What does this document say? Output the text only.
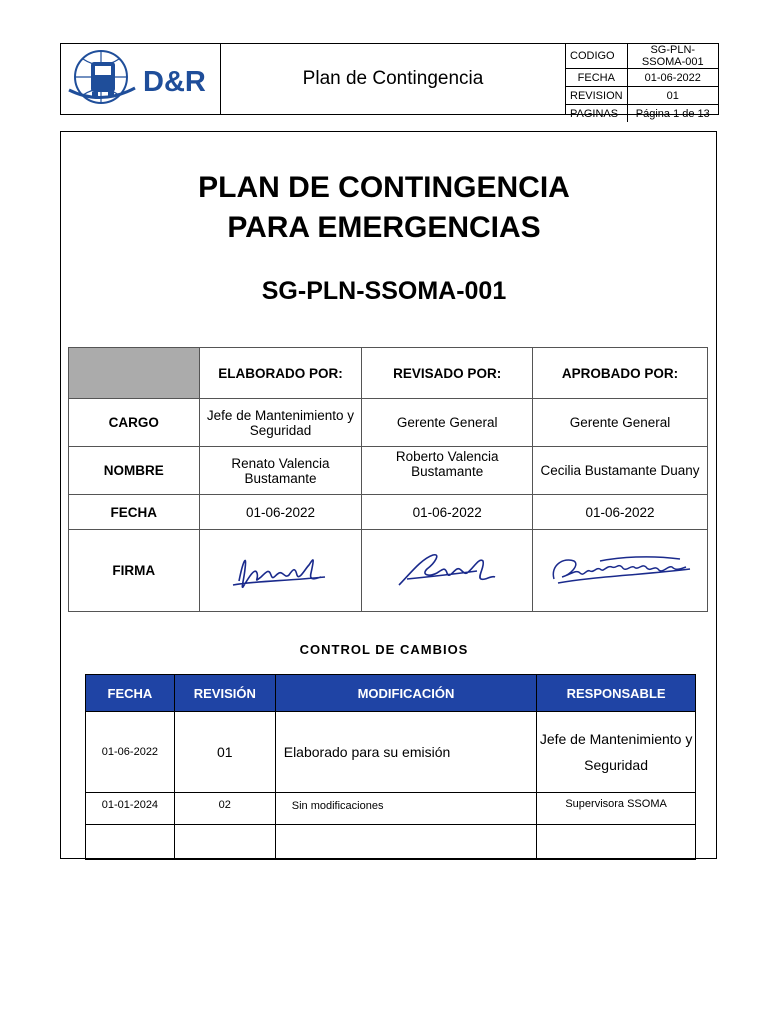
D&R	Plan de Contingencia
CODIGO	SG-PLN-SSOMA-001
FECHA	01-06-2022
REVISION	01
PAGINAS	Página 1 de 13
PLAN DE CONTINGENCIA
PARA EMERGENCIAS
SG-PLN-SSOMA-001
	ELABORADO POR:	REVISADO POR:	APROBADO POR:
CARGO	Jefe de Mantenimiento y Seguridad	Gerente General	Gerente General
NOMBRE	Renato Valencia Bustamante	Roberto Valencia Bustamante	Cecilia Bustamante Duany
FECHA	01-06-2022	01-06-2022	01-06-2022
FIRMA			
CONTROL DE CAMBIOS
FECHA	REVISIÓN	MODIFICACIÓN	RESPONSABLE
01-06-2022	01	Elaborado para su emisión	Jefe de Mantenimiento y Seguridad
01-01-2024	02	Sin modificaciones	Supervisora SSOMA
